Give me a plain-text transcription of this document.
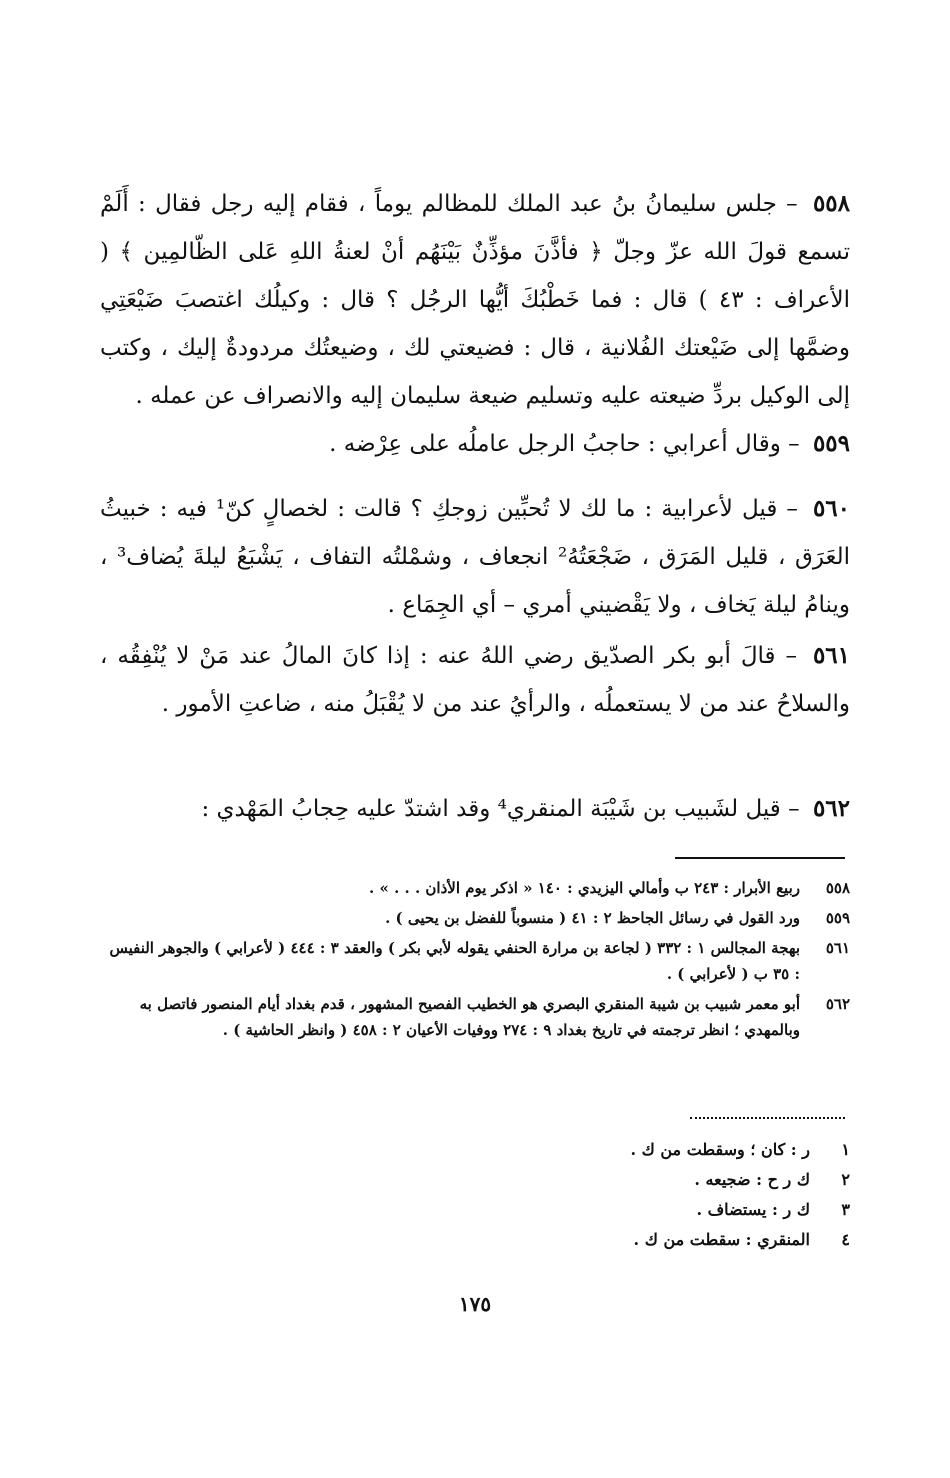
٥٥٨ – جلس سليمانُ بنُ عبد الملك للمظالم يوماً ، فقام إليه رجل فقال : أَلَمْ تسمع قولَ الله عزّ وجلّ ﴿ فأذَّنَ مؤذِّنٌ بَيْنَهُم أنْ لعنةُ اللهِ عَلى الظّالمِين ﴾ ( الأعراف : ٤٣ ) قال : فما خَطْبُكَ أيُّها الرجُل ؟ قال : وكيلُك اغتصبَ ضَيْعَتِي وضمَّها إلى ضَيْعتك الفُلانية ، قال : فضيعتي لك ، وضيعتُك مردودةٌ إليك ، وكتب إلى الوكيل بردِّ ضيعته عليه وتسليم ضيعة سليمان إليه والانصراف عن عمله .
٥٥٩ – وقال أعرابي : حاجبُ الرجل عاملُه على عِرْضه .
٥٦٠ – قيل لأعرابية : ما لك لا تُحبِّين زوجكِ ؟ قالت : لخصالٍ كنّ¹ فيه : خبيثُ العَرَق ، قليل المَرَق ، ضَجْعَتُهُ² انجعاف ، وشمْلتُه التفاف ، يَشْبَعُ ليلةَ يُضاف³ ، وينامُ ليلة يَخاف ، ولا يَقْضيني أمري – أي الجِمَاع .
٥٦١ – قالَ أبو بكر الصدّيق رضي اللهُ عنه : إذا كانَ المالُ عند مَنْ لا يُنْفِقُه ، والسلاحُ عند من لا يستعملُه ، والرأيُ عند من لا يُقْبَلُ منه ، ضاعتِ الأمور .
٥٦٢ – قيل لشَبيب بن شَيْبَة المنقري⁴ وقد اشتدّ عليه حِجابُ المَهْدي :
٥٥٨
ربيع الأبرار : ٢٤٣ ب وأمالي اليزيدي : ١٤٠ « اذكر يوم الأذان . . . » .
٥٥٩
ورد القول في رسائل الجاحظ ٢ : ٤١ ( منسوباً للفضل بن يحيى ) .
٥٦١
بهجة المجالس ١ : ٣٣٢ ( لجاعة بن مرارة الحنفي يقوله لأبي بكر ) والعقد ٣ : ٤٤٤ ( لأعرابي ) والجوهر النفيس : ٣٥ ب ( لأعرابي ) .
٥٦٢
أبو معمر شبيب بن شيبة المنقري البصري هو الخطيب الفصيح المشهور ، قدم بغداد أيام المنصور فاتصل به وبالمهدي ؛ انظر ترجمته في تاريخ بغداد ٩ : ٢٧٤ ووفيات الأعيان ٢ : ٤٥٨ ( وانظر الحاشية ) .
١
ر : كان ؛ وسقطت من ك .
٢
ك ر ح : ضجيعه .
٣
ك ر : يستضاف .
٤
المنقري : سقطت من ك .
١٧٥
